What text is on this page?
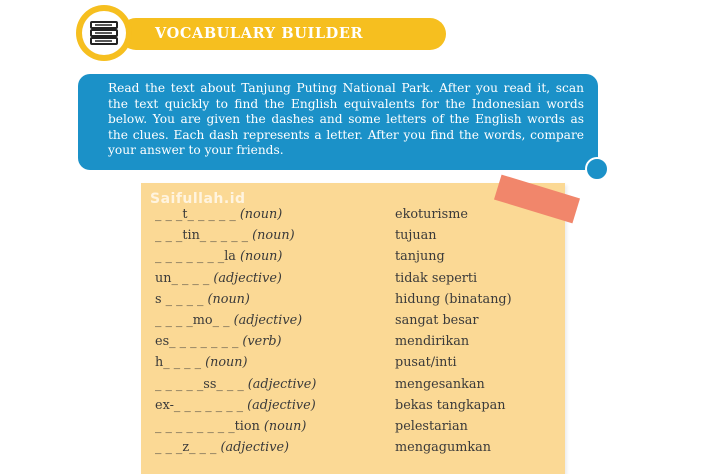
VOCABULARY BUILDER
Read the text about Tanjung Puting National Park. After you read it, scan the text quickly to find the English equivalents for the Indonesian words below. You are given the dashes and some letters of the English words as the clues. Each dash represents a letter. After you find the words, compare your answer to your friends.
Saifullah.id
_ _ _t_ _ _ _ _ (noun)	ekoturisme
_ _ _tin_ _ _ _ _ (noun)	tujuan
_ _ _ _ _ _ _la (noun)	tanjung
un_ _ _ _ (adjective)	tidak seperti
s _ _ _ _ (noun)	hidung (binatang)
_ _ _ _mo_ _ (adjective)	sangat besar
es_ _ _ _ _ _ _ (verb)	mendirikan
h_ _ _ _ (noun)	pusat/inti
_ _ _ _ _ss_ _ _ (adjective)	mengesankan
ex-_ _ _ _ _ _ _ (adjective)	bekas tangkapan
_ _ _ _ _ _ _ _tion (noun)	pelestarian
_ _ _z_ _ _ (adjective)	mengagumkan
